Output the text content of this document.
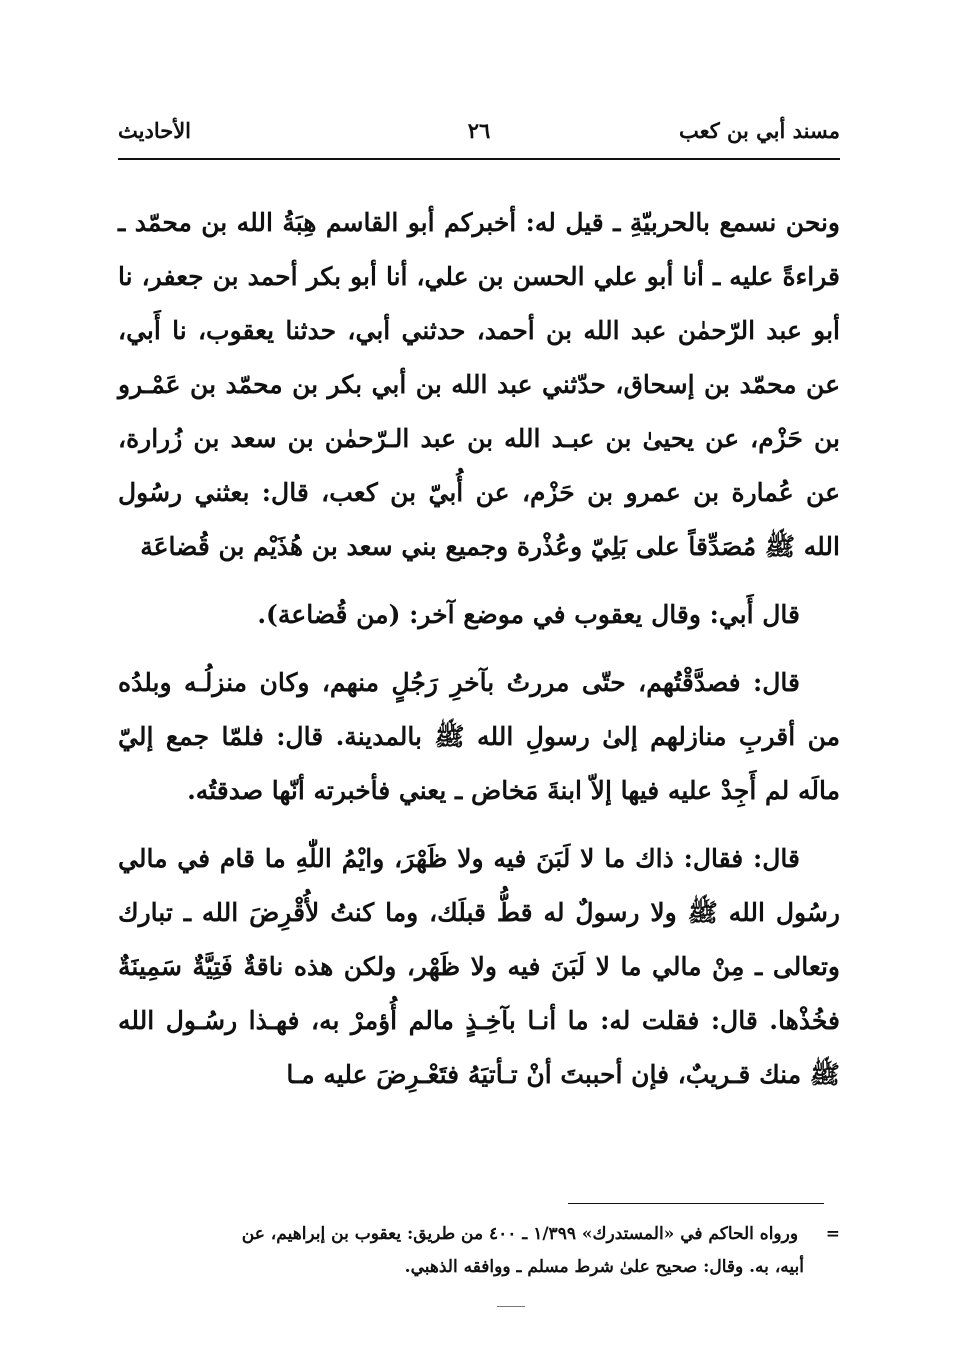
مسند أبي بن كعب
٢٦
الأحاديث

ونحن نسمع بالحربيّةِ ـ قيل له: أخبركم أبو القاسم هِبَةُ الله بن محمّد ـ قراءةً عليه ـ أنا أبو علي الحسن بن علي، أنا أبو بكر أحمد بن جعفر، نا أبو عبد الرّحمٰن عبد الله بن أحمد، حدثني أبي، حدثنا يعقوب، نا أَبي، عن محمّد بن إسحاق، حدّثني عبد الله بن أبي بكر بن محمّد بن عَمْـرو بن حَزْم، عن يحيىٰ بن عبـد الله بن عبد الـرّحمٰن بن سعد بن زُرارة، عن عُمارة بن عمرو بن حَزْم، عن أُبيّ بن كعب، قال: بعثني رسُول الله ﷺ مُصَدِّقاً على بَلِيّ وعُذْرة وجميع بني سعد بن هُذَيْم بن قُضاعَة

قال أَبي: وقال يعقوب في موضع آخر: (من قُضاعة).

قال: فصدَّقْتُهم، حتّى مررتُ بآخرِ رَجُلٍ منهم، وكان منزلُـه وبلدُه من أقربِ منازلهم إلىٰ رسولِ الله ﷺ بالمدينة. قال: فلمّا جمع إليّ مالَه لم أَجِدْ عليه فيها إلاّ ابنةَ مَخاض ـ يعني فأخبرته أنّها صدقتُه.

قال: فقال: ذاك ما لا لَبَنَ فيه ولا ظَهْرَ، وايْمُ اللّٰهِ ما قام في مالي رسُول الله ﷺ ولا رسولٌ له قطُّ قبلَك، وما كنتُ لأُقْرِضَ الله ـ تبارك وتعالى ـ مِنْ مالي ما لا لَبَنَ فيه ولا ظَهْر، ولكن هذه ناقةٌ فَتِيَّةٌ سَمِينَةٌ فخُذْها. قال: فقلت له: ما أنـا بآخِـذٍ مالم أُؤمرْ به، فهـذا رسُـول الله ﷺ منك قـريبٌ، فإن أحببتَ أنْ تـأتيَهُ فتَعْـرِضَ عليه مـا

= ورواه الحاكم في «المستدرك» ١/٣٩٩ ـ ٤٠٠ من طريق: يعقوب بن إبراهيم، عن
أبيه، به. وقال: صحيح علىٰ شرط مسلم ـ ووافقه الذهبي.
